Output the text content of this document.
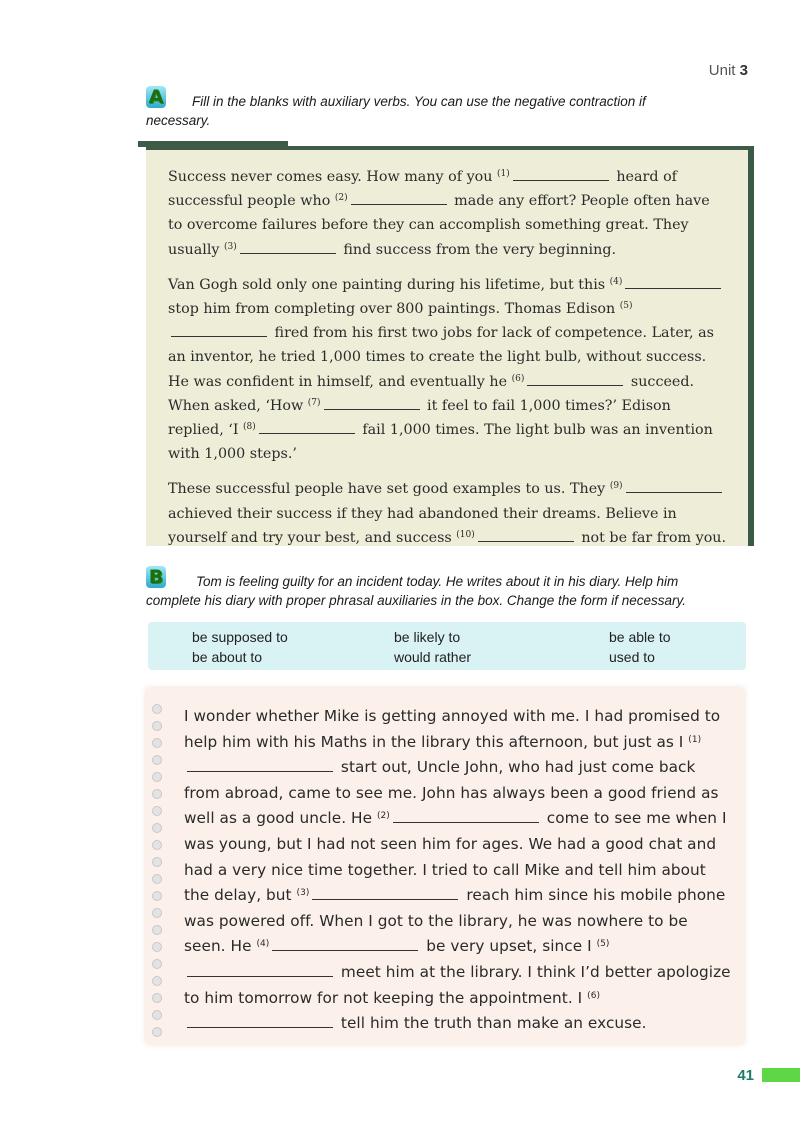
Unit 3
A Fill in the blanks with auxiliary verbs. You can use the negative contraction if
necessary.

Success never comes easy. How many of you $^{(1)}$	heard of successful people who $^{(2)}$	made any effort? People often have to overcome failures before they can accomplish something great. They usually $^{(3)}$	find success from the very beginning.

Van Gogh sold only one painting during his lifetime, but this $^{(4)}$ stop him from completing over 800 paintings. Thomas Edison $^{(5)}$ fired from his first two jobs for lack of competence. Later, as an inventor, he tried 1,000 times to create the light bulb, without success. He was confident in himself, and eventually he $^{(6)}$	succeed. When asked, ‘How $^{(7)}$	it feel to fail 1,000 times?’ Edison replied, ‘I $^{(8)}$	fail 1,000 times. The light bulb was an invention with 1,000 steps.’

These successful people have set good examples to us. They $^{(9)}$ achieved their success if they had abandoned their dreams. Believe in yourself and try your best, and success $^{(10)}$	not be far from you.

B Tom is feeling guilty for an incident today. He writes about it in his diary. Help him
complete his diary with proper phrasal auxiliaries in the box. Change the form if necessary.
be supposed to	be likely to	be able to
be about to	would rather	used to
I wonder whether Mike is getting annoyed with me. I had promised to help him with his Maths in the library this afternoon, but just as I $^{(1)}$ start out, Uncle John, who had just come back from abroad, came to see me. John has always been a good friend as well as a good uncle. He $^{(2)}$	come to see me when I was young, but I had not seen him for ages. We had a good chat and had a very nice time together. I tried to call Mike and tell him about the delay, but $^{(3)}$	reach him since his mobile phone was powered off. When I got to the library, he was nowhere to be seen. He $^{(4)}$	be very upset, since I $^{(5)}$ meet him at the library. I think I’d better apologize to him tomorrow for not keeping the appointment. I $^{(6)}$ tell him the truth than make an excuse.
41
